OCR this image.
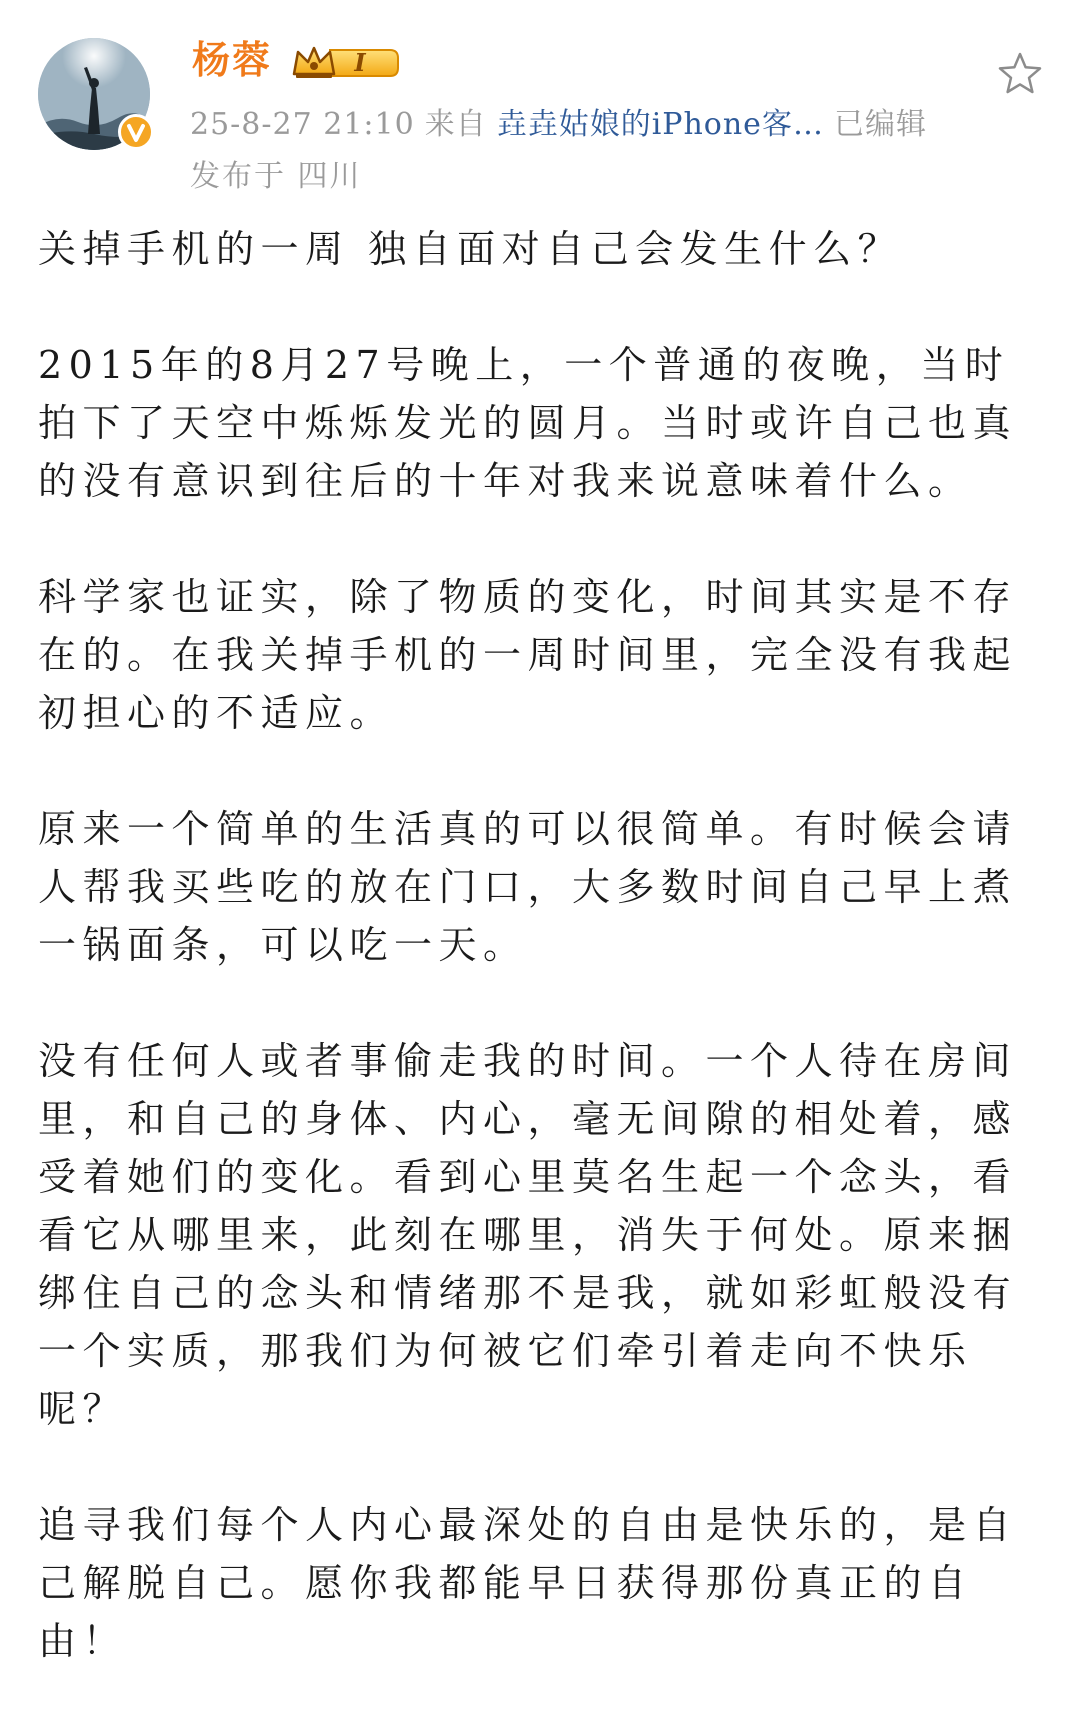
杨蓉	I
25-8-27 21:10 来自 垚垚姑娘的iPhone客… 已编辑
发布于 四川

关掉手机的一周 独自面对自己会发生什么？

2015年的8月27号晚上，一个普通的夜晚，当时拍下了天空中烁烁发光的圆月。当时或许自己也真的没有意识到往后的十年对我来说意味着什么。

科学家也证实，除了物质的变化，时间其实是不存在的。在我关掉手机的一周时间里，完全没有我起初担心的不适应。

原来一个简单的生活真的可以很简单。有时候会请人帮我买些吃的放在门口，大多数时间自己早上煮一锅面条，可以吃一天。

没有任何人或者事偷走我的时间。一个人待在房间里，和自己的身体、内心，毫无间隙的相处着，感受着她们的变化。看到心里莫名生起一个念头，看看它从哪里来，此刻在哪里，消失于何处。原来捆绑住自己的念头和情绪那不是我，就如彩虹般没有一个实质，那我们为何被它们牵引着走向不快乐呢？

追寻我们每个人内心最深处的自由是快乐的，是自己解脱自己。愿你我都能早日获得那份真正的自由！
